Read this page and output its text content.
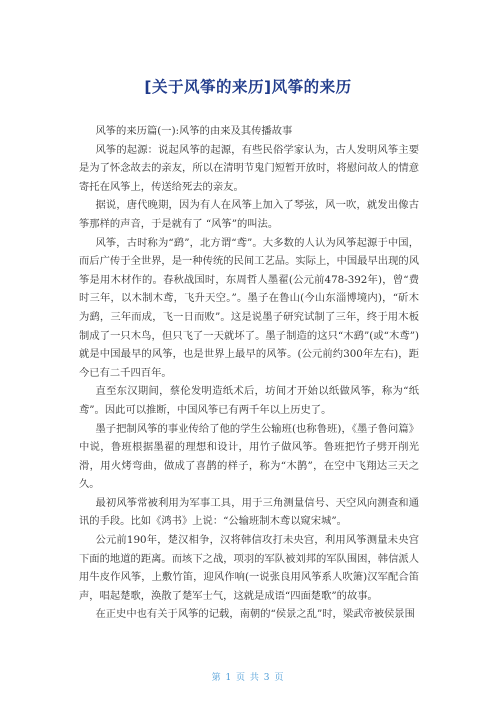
[关于风筝的来历]风筝的来历

风筝的来历篇(一):风筝的由来及其传播故事

风筝的起源：说起风筝的起源，有些民俗学家认为，古人发明风筝主要是为了怀念故去的亲友，所以在清明节鬼门短暂开放时，将慰问故人的情意寄托在风筝上，传送给死去的亲友。

据说，唐代晚期，因为有人在风筝上加入了琴弦，风一吹，就发出像古筝那样的声音，于是就有了 “风筝”的叫法。

风筝，古时称为“鹞”，北方谓“鸢”。大多数的人认为风筝起源于中国，而后广传于全世界，是一种传统的民间工艺品。实际上，中国最早出现的风筝是用木材作的。春秋战国时，东周哲人墨翟(公元前478-392年)，曾“费时三年，以木制木鸢，飞升天空。”。墨子在鲁山(今山东淄博境内)，“斫木为鹞，三年而成，飞一日而败”。这是说墨子研究试制了三年，终于用木板制成了一只木鸟，但只飞了一天就坏了。墨子制造的这只“木鹞”(或“木鸢”)就是中国最早的风筝，也是世界上最早的风筝。(公元前约300年左右)，距今已有二千四百年。

直至东汉期间，蔡伦发明造纸术后，坊间才开始以纸做风筝，称为“纸鸢”。因此可以推断，中国风筝已有两千年以上历史了。

墨子把制风筝的事业传给了他的学生公输班(也称鲁班)，《墨子鲁问篇》中说，鲁班根据墨翟的理想和设计，用竹子做风筝。鲁班把竹子劈开削光滑，用火烤弯曲，做成了喜鹊的样子，称为“木鹊”，在空中飞翔达三天之久。

最初风筝常被利用为军事工具，用于三角测量信号、天空风向测查和通讯的手段。比如《鸿书》上说：“公输班制木鸢以窥宋城”。

公元前190年，楚汉相争，汉将韩信攻打未央宫，利用风筝测量未央宫下面的地道的距离。而垓下之战，项羽的军队被刘邦的军队围困，韩信派人用牛皮作风筝，上敷竹笛，迎风作响(一说张良用风筝系人吹箫)汉军配合笛声，唱起楚歌，涣散了楚军士气，这就是成语“四面楚歌”的故事。

在正史中也有关于风筝的记载，南朝的“侯景之乱”时，梁武帝被侯景围

第 1 页 共 3 页
